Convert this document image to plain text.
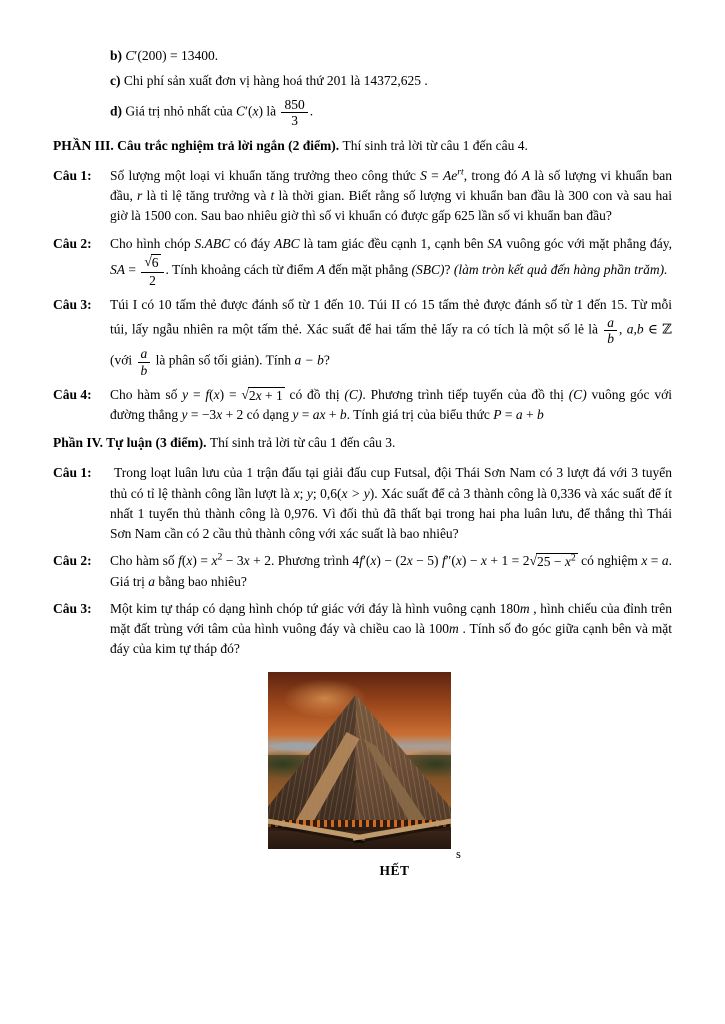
b) C′(200) = 13400.
c) Chi phí sản xuất đơn vị hàng hoá thứ 201 là 14372,625 .
d) Giá trị nhỏ nhất của C′(x) là $\frac{850}{3}$ .
PHẦN III. Câu trắc nghiệm trả lời ngắn (2 điểm). Thí sinh trả lời từ câu 1 đến câu 4.
Câu 1:	Số lượng một loại vi khuẩn tăng trưởng theo công thức $S = Ae^{rt}$, trong đó A là số lượng vi khuẩn ban đầu, r là tỉ lệ tăng trưởng và t là thời gian. Biết rằng số lượng vi khuẩn ban đầu là 300 con và sau hai giờ là 1500 con. Sau bao nhiêu giờ thì số vi khuẩn có được gấp 625 lần số vi khuẩn ban đầu?
Câu 2:	Cho hình chóp S.ABC có đáy ABC là tam giác đều cạnh 1, cạnh bên SA vuông góc với mặt phẳng đáy, SA = $\frac{√ 6}{2}$ . Tính khoảng cách từ điểm A đến mặt phẳng (SBC)? (làm tròn kết quả đến hàng phần trăm).
Câu 3:	Túi I có 10 tấm thẻ được đánh số từ 1 đến 10. Túi II có 15 tấm thẻ được đánh số từ 1 đến 15. Từ mỗi túi, lấy ngẫu nhiên ra một tấm thẻ. Xác suất để hai tấm thẻ lấy ra có tích là một số lẻ là $\frac{a}{b}$ , a,b ∈ ℤ (với $\frac{a}{b}$ là phân số tối giản). Tính a − b?
Câu 4:	Cho hàm số y = f(x) = √ 2x + 1 có đồ thị (C). Phương trình tiếp tuyến của đồ thị (C) vuông góc với đường thẳng y = −3x + 2 có dạng y = ax + b. Tính giá trị của biểu thức P = a + b
Phần IV. Tự luận (3 điểm). Thí sinh trả lời từ câu 1 đến câu 3.
Câu 1:	Trong loạt luân lưu của 1 trận đấu tại giải đấu cup Futsal, đội Thái Sơn Nam có 3 lượt đá với 3 tuyển thủ có tỉ lệ thành công lần lượt là x; y; 0,6(x > y). Xác suất để cả 3 thành công là 0,336 và xác suất để ít nhất 1 tuyển thủ thành công là 0,976. Vì đối thủ đã thất bại trong hai pha luân lưu, để thắng thì Thái Sơn Nam cần có 2 cầu thủ thành công với xác suất là bao nhiêu?
Câu 2:	Cho hàm số $f(x) = x^2 - 3x + 2$. Phương trình 4f′(x) − (2x − 5) f″(x) − x + 1 = 2 √ $25 - x^2$ có nghiệm x = a. Giá trị a bằng bao nhiêu?
Câu 3:	Một kim tự tháp có dạng hình chóp tứ giác với đáy là hình vuông cạnh 180m , hình chiếu của đỉnh trên mặt đất trùng với tâm của hình vuông đáy và chiều cao là 100m . Tính số đo góc giữa cạnh bên và mặt đáy của kim tự tháp đó?
s
HẾT
